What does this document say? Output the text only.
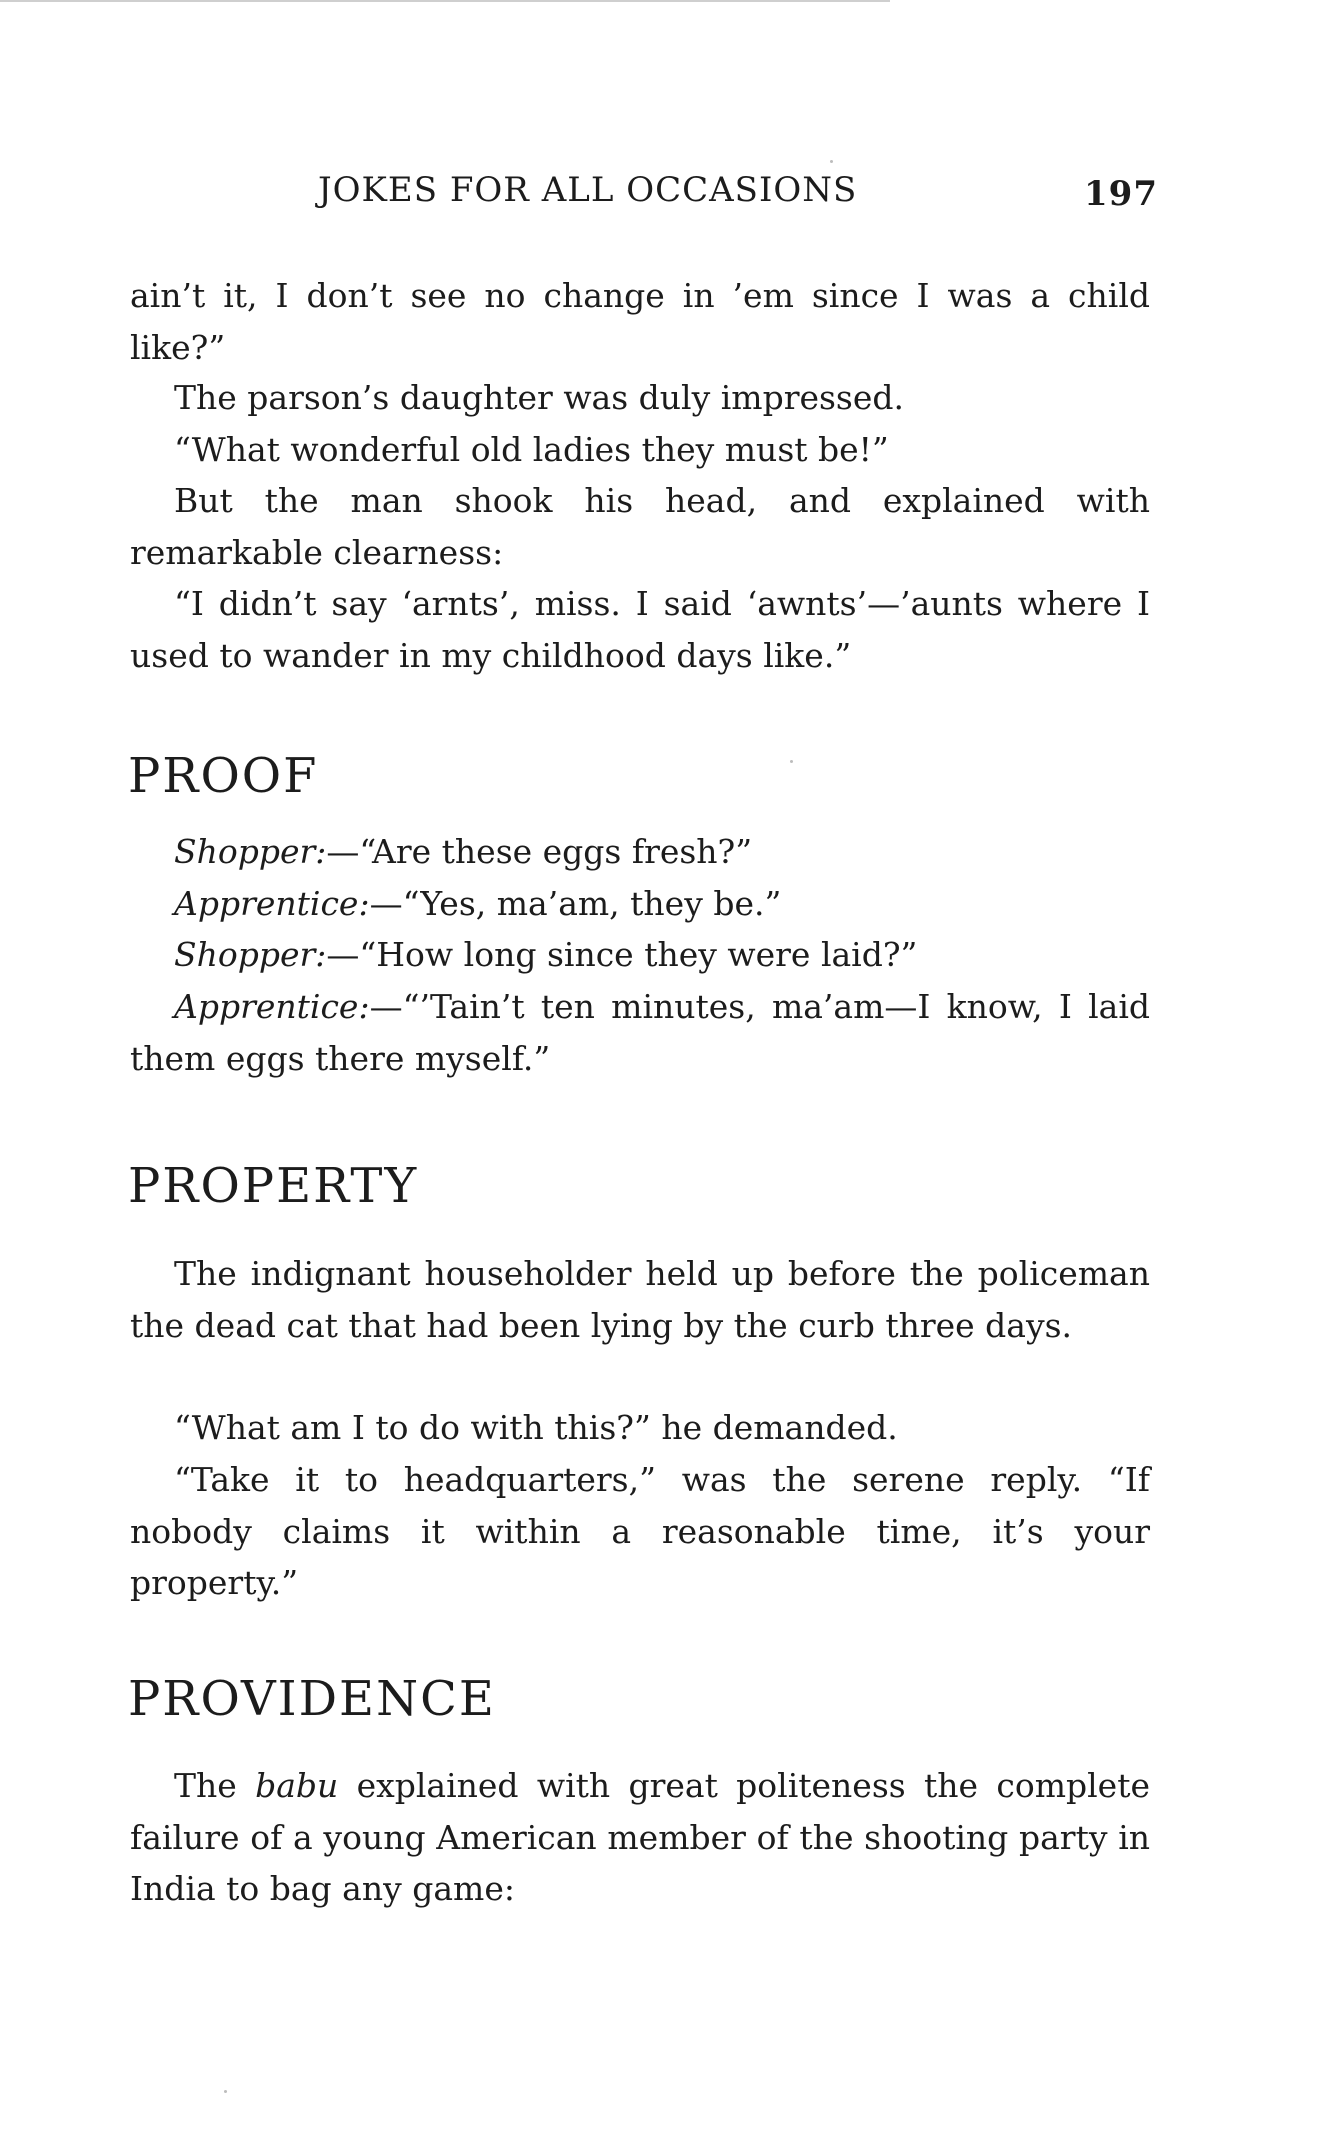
JOKES FOR ALL OCCASIONS	197

ain’t it, I don’t see no change in ’em since I was a child like?”

The parson’s daughter was duly impressed.

“What wonderful old ladies they must be!”

But the man shook his head, and explained with remarkable clearness:

“I didn’t say ‘arnts’, miss. I said ‘awnts’—’aunts where I used to wander in my childhood days like.”

PROOF

Shopper:—“Are these eggs fresh?”

Apprentice:—“Yes, ma’am, they be.”

Shopper:—“How long since they were laid?”

Apprentice:—“’Tain’t ten minutes, ma’am—I know, I laid them eggs there myself.”

PROPERTY

The indignant householder held up before the policeman the dead cat that had been lying by the curb three days.

“What am I to do with this?” he demanded.

“Take it to headquarters,” was the serene reply. “If nobody claims it within a reasonable time, it’s your property.”

PROVIDENCE

The babu explained with great politeness the complete failure of a young American member of the shooting party in India to bag any game:
